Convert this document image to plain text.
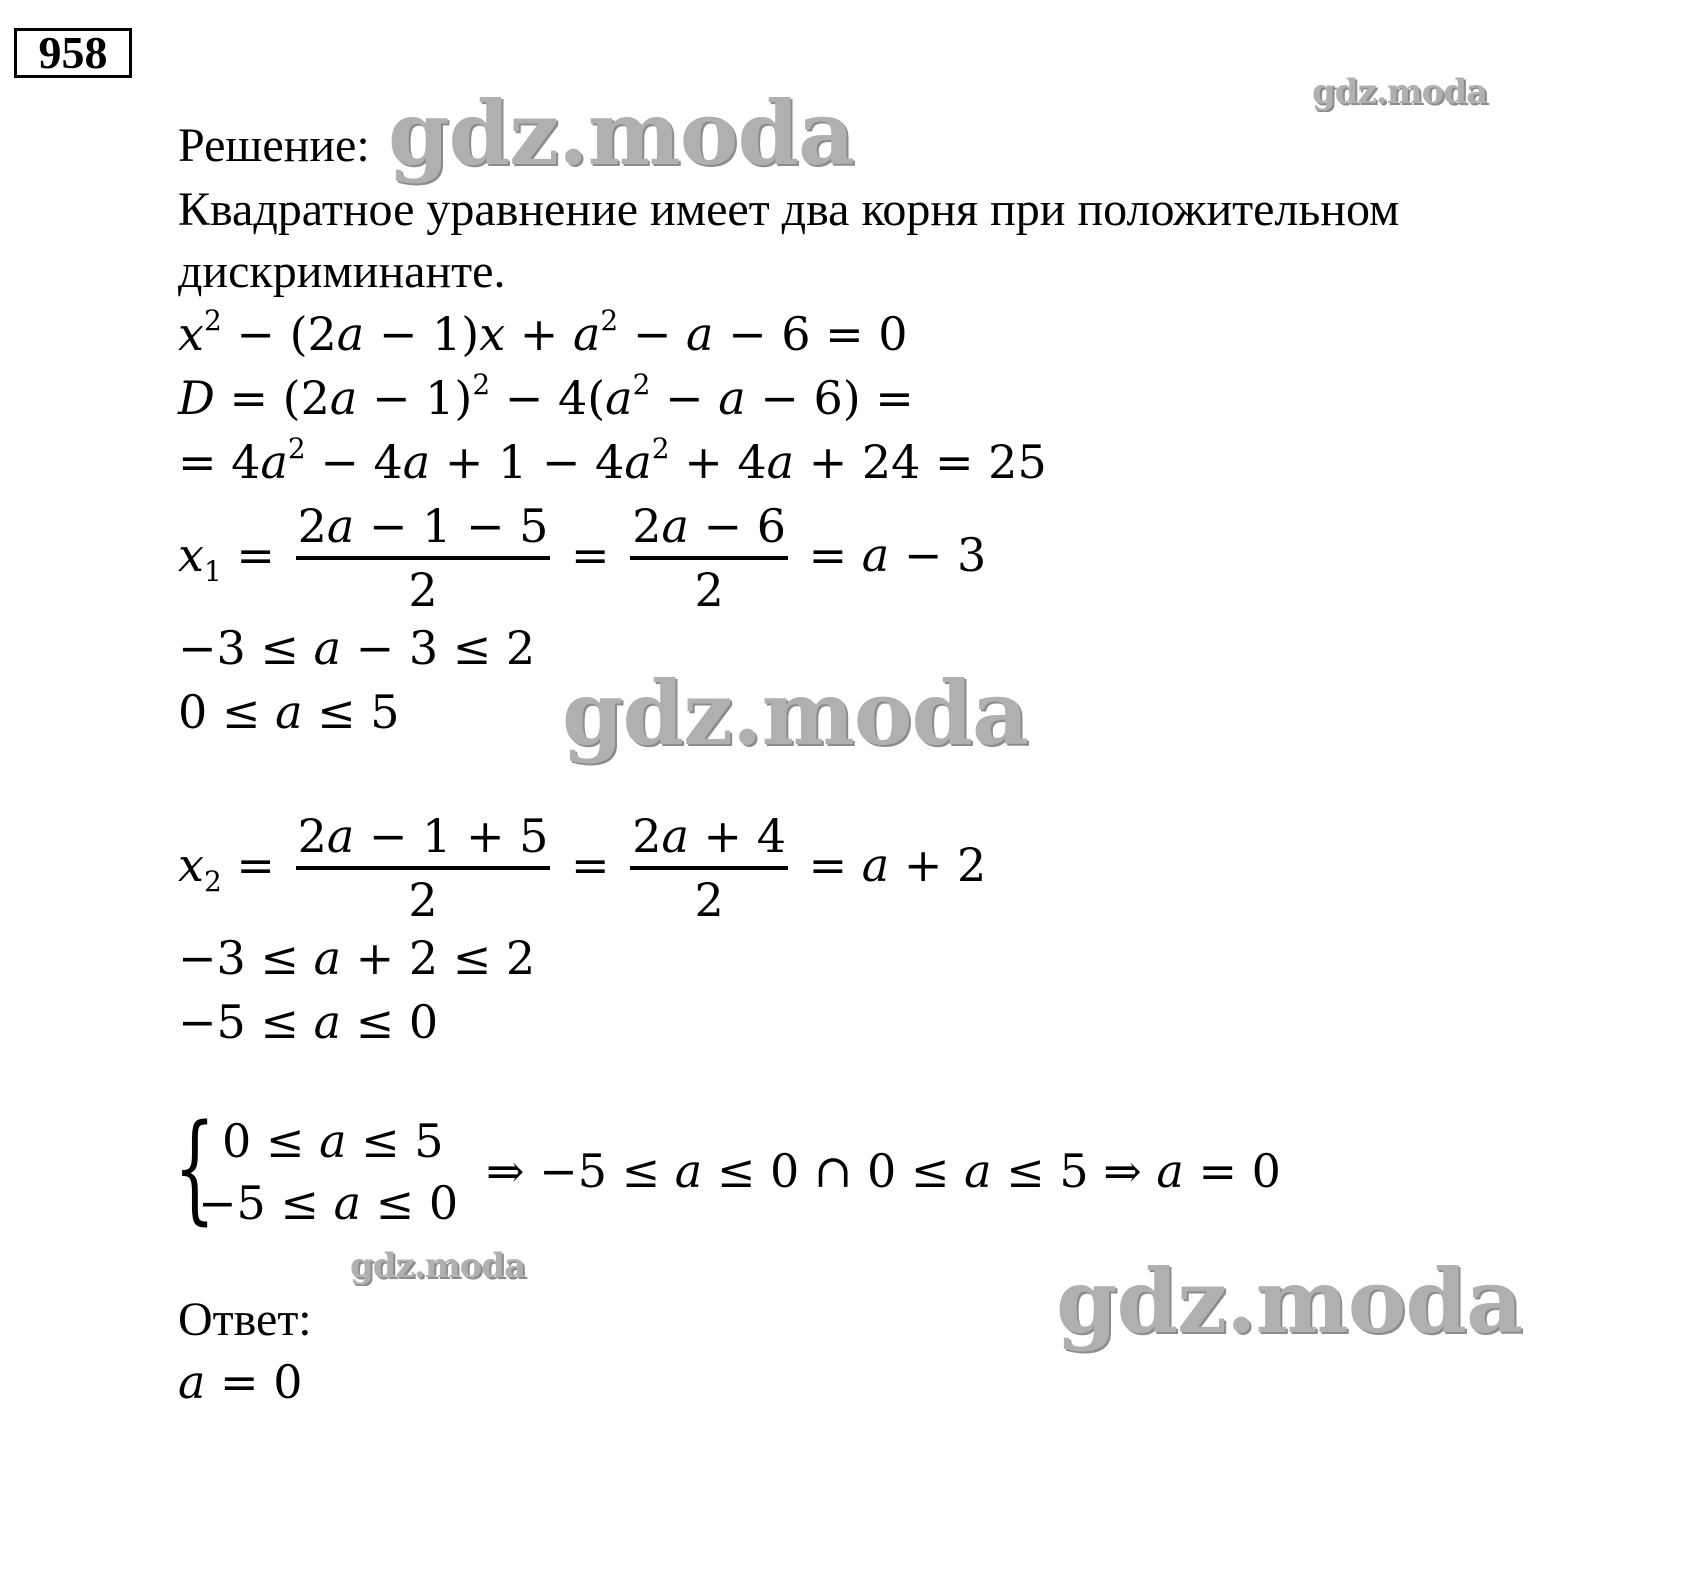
958
Решение:
Квадратное уравнение имеет два корня при положительном
дискриминанте.
$x^2 - (2a - 1)x + a^2 - a - 6 = 0$
$D = (2a - 1)^2 - 4(a^2 - a - 6)$ =
= $4a^2 - 4a + 1 - 4a^2 + 4a + 24 = 25$
$x_1 = \frac{2a - 1 - 5}{2} = \frac{2a - 6}{2} = a - 3$
−3 ≤ a − 3 ≤ 2
0 ≤ a ≤ 5
$x_2 = \frac{2a - 1 + 5}{2} = \frac{2a + 4}{2} = a + 2$
−3 ≤ a + 2 ≤ 2
−5 ≤ a ≤ 0
{ 0 ≤ a ≤ 5
−5 ≤ a ≤ 0
⇒ −5 ≤ a ≤ 0 ∩ 0 ≤ a ≤ 5 ⇒ a = 0
Ответ:
a = 0
gdz.moda	gdz.moda
gdz.moda
gdz.moda	gdz.moda
